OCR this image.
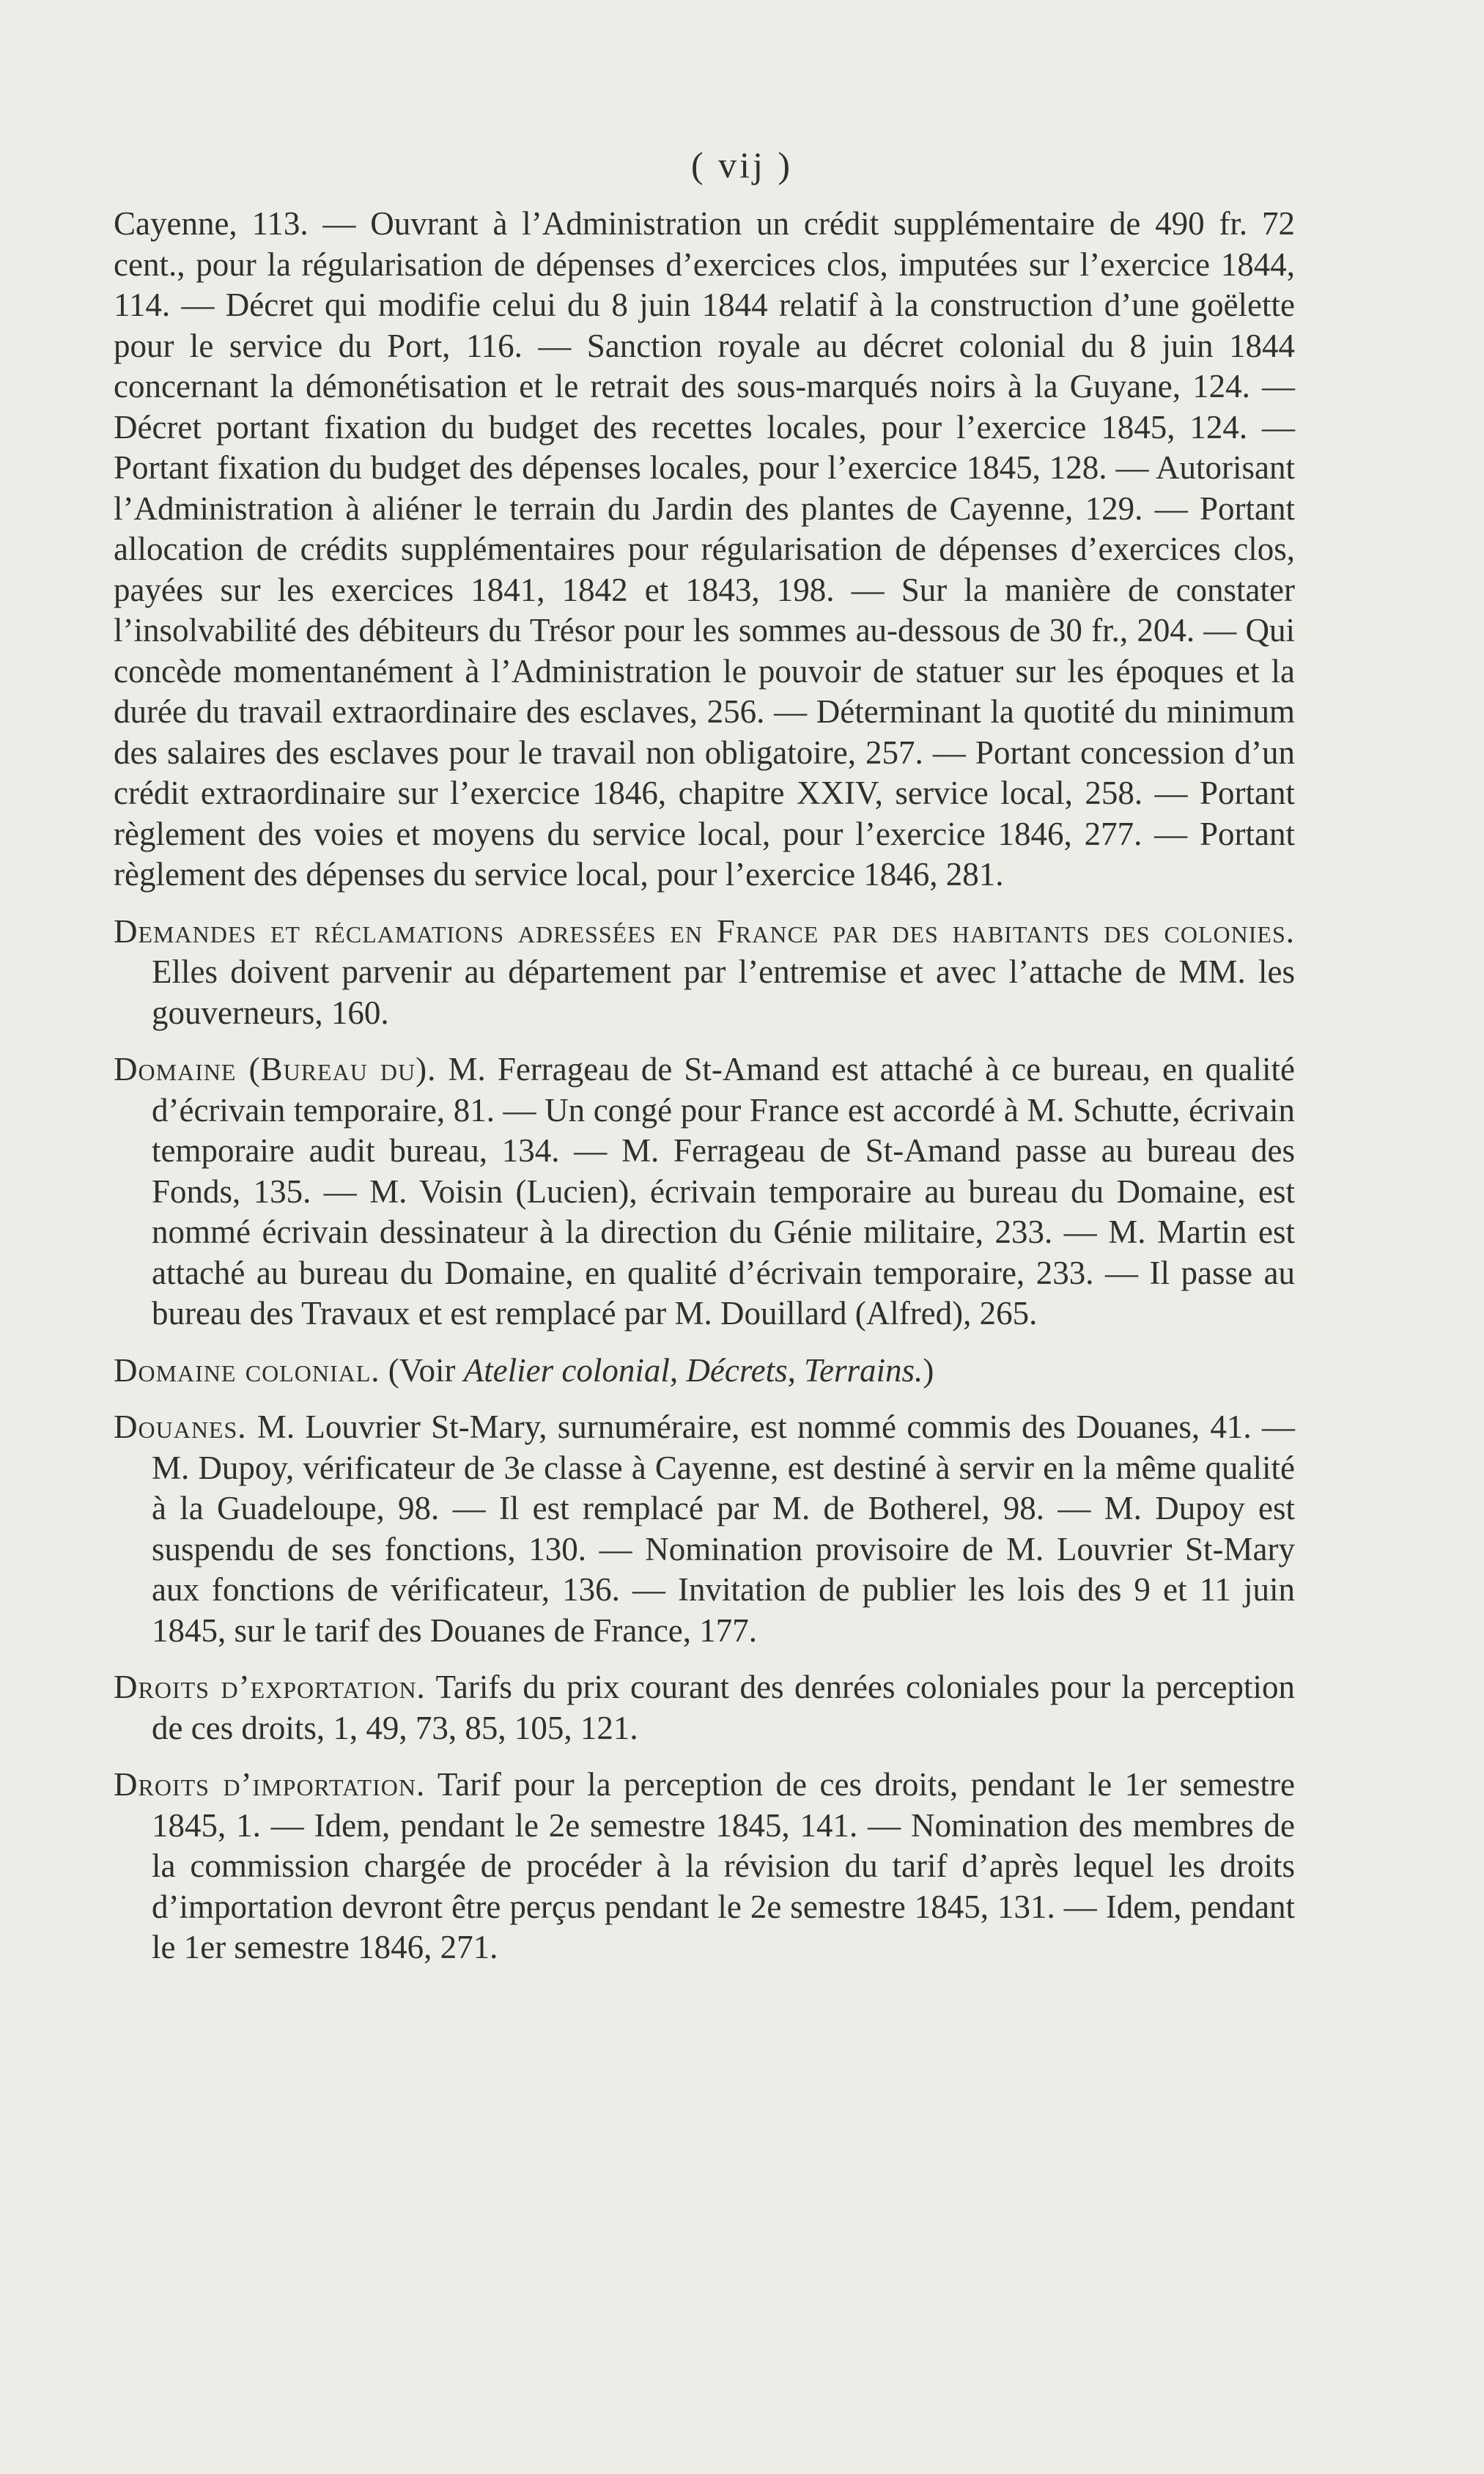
( vij )

Cayenne, 113. — Ouvrant à l’Administration un crédit supplémentaire de 490 fr. 72 cent., pour la régularisation de dépenses d’exercices clos, imputées sur l’exercice 1844, 114. — Décret qui modifie celui du 8 juin 1844 relatif à la construction d’une goëlette pour le service du Port, 116. — Sanction royale au décret colonial du 8 juin 1844 concernant la démonétisation et le retrait des sous-marqués noirs à la Guyane, 124. — Décret portant fixation du budget des recettes locales, pour l’exercice 1845, 124. — Portant fixation du budget des dépenses locales, pour l’exercice 1845, 128. — Autorisant l’Administration à aliéner le terrain du Jardin des plantes de Cayenne, 129. — Portant allocation de crédits supplémentaires pour régularisation de dépenses d’exercices clos, payées sur les exercices 1841, 1842 et 1843, 198. — Sur la manière de constater l’insolvabilité des débiteurs du Trésor pour les sommes au-dessous de 30 fr., 204. — Qui concède momentanément à l’Administration le pouvoir de statuer sur les époques et la durée du travail extraordinaire des esclaves, 256. — Déterminant la quotité du minimum des salaires des esclaves pour le travail non obligatoire, 257. — Portant concession d’un crédit extraordinaire sur l’exercice 1846, chapitre XXIV, service local, 258. — Portant règlement des voies et moyens du service local, pour l’exercice 1846, 277. — Portant règlement des dépenses du service local, pour l’exercice 1846, 281.

Demandes et réclamations adressées en France par des habitants des colonies. Elles doivent parvenir au département par l’entremise et avec l’attache de MM. les gouverneurs, 160.

Domaine (Bureau du). M. Ferrageau de St-Amand est attaché à ce bureau, en qualité d’écrivain temporaire, 81. — Un congé pour France est accordé à M. Schutte, écrivain temporaire audit bureau, 134. — M. Ferrageau de St-Amand passe au bureau des Fonds, 135. — M. Voisin (Lucien), écrivain temporaire au bureau du Domaine, est nommé écrivain dessinateur à la direction du Génie militaire, 233. — M. Martin est attaché au bureau du Domaine, en qualité d’écrivain temporaire, 233. — Il passe au bureau des Travaux et est remplacé par M. Douillard (Alfred), 265.

Domaine colonial. (Voir Atelier colonial, Décrets, Terrains.)

Douanes. M. Louvrier St-Mary, surnuméraire, est nommé commis des Douanes, 41. — M. Dupoy, vérificateur de 3e classe à Cayenne, est destiné à servir en la même qualité à la Guadeloupe, 98. — Il est remplacé par M. de Botherel, 98. — M. Dupoy est suspendu de ses fonctions, 130. — Nomination provisoire de M. Louvrier St-Mary aux fonctions de vérificateur, 136. — Invitation de publier les lois des 9 et 11 juin 1845, sur le tarif des Douanes de France, 177.

Droits d’exportation. Tarifs du prix courant des denrées coloniales pour la perception de ces droits, 1, 49, 73, 85, 105, 121.

Droits d’importation. Tarif pour la perception de ces droits, pendant le 1er semestre 1845, 1. — Idem, pendant le 2e semestre 1845, 141. — Nomination des membres de la commission chargée de procéder à la révision du tarif d’après lequel les droits d’importation devront être perçus pendant le 2e semestre 1845, 131. — Idem, pendant le 1er semestre 1846, 271.
